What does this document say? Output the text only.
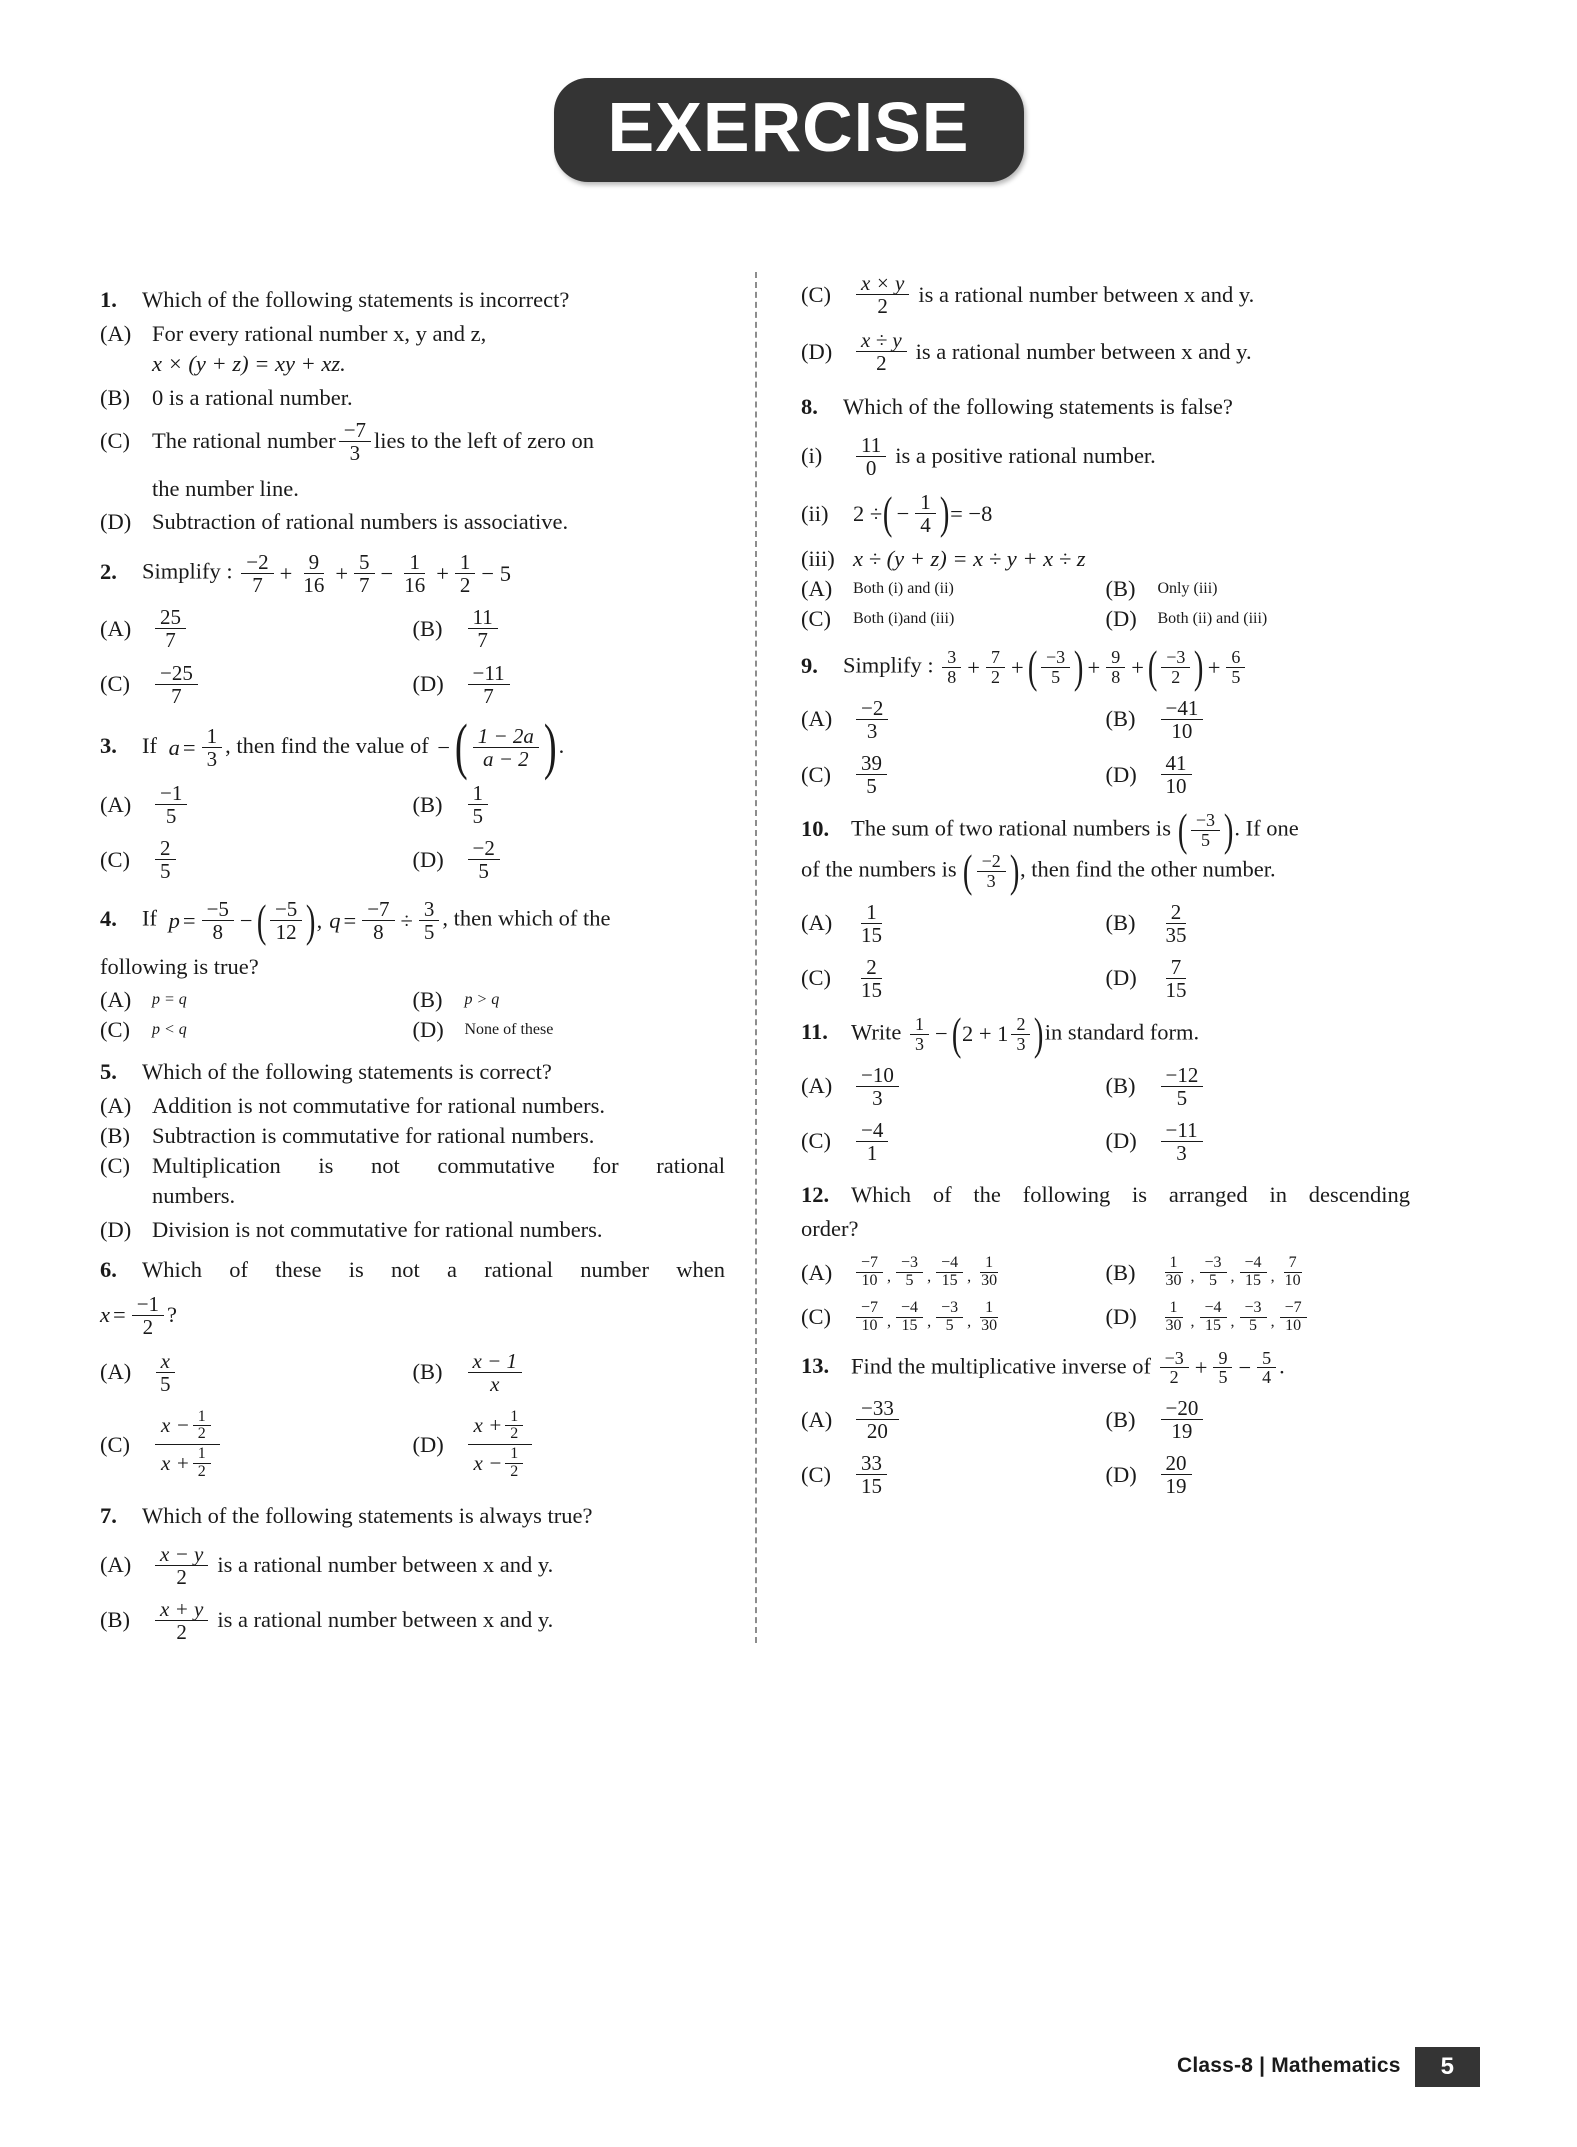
EXERCISE
1.	Which of the following statements is incorrect?
(A) For every rational number x, y and z,
x × (y + z) = xy + xz.
(B) 0 is a rational number.
(C) The rational number $\frac{-7}{3}$ lies to the left of zero on
the number line.
(D) Subtraction of rational numbers is associative.
2.	Simplify : $\frac{-2}{7} + \frac{9}{16} + \frac{5}{7} - \frac{1}{16} + \frac{1}{2} - 5$
(A)	$\frac{25}{7}$	(B)	$\frac{11}{7}$
(C)	$\frac{-25}{7}$	(D)	$\frac{-11}{7}$
3.	If $a = \frac{1}{3}$ , then find the value of − ( $\frac{1 - 2a}{a - 2}$ ) .
(A)	$\frac{-1}{5}$	(B)	$\frac{1}{5}$
(C)	$\frac{2}{5}$	(D)	$\frac{-2}{5}$
4.	If $p = \frac{-5}{8}$ − ( $\frac{-5}{12}$ ) , $q = \frac{-7}{8} \div \frac{3}{5}$ , then which of the
following is true?
(A)	p = q	(B)	p > q
(C)	p < q	(D)	None of these
5.	Which of the following statements is correct?
(A) Addition is not commutative for rational numbers.
(B) Subtraction is commutative for rational numbers.
(C) Multiplication is not commutative for rational
numbers.
(D) Division is not commutative for rational numbers.
6.	Which of these is not a rational number when
$x = \frac{-1}{2}$ ?
(A)	$\frac{x}{5}$	(B)	$\frac{x - 1}{x}$
(C)	$\frac{x - \frac{1}{2}}{x + \frac{1}{2}}$	(D)	$\frac{x + \frac{1}{2}}{x - \frac{1}{2}}$
7.	Which of the following statements is always true?
(A)	$\frac{x - y}{2}$ is a rational number between x and y.
(B)	$\frac{x + y}{2}$ is a rational number between x and y.
(C)	$\frac{x \times y}{2}$ is a rational number between x and y.
(D)	$\frac{x \div y}{2}$ is a rational number between x and y.
8.	Which of the following statements is false?
(i)	$\frac{11}{0}$ is a positive rational number.
(ii)	2 ÷ ( − $\frac{1}{4}$ ) = −8
(iii) x ÷ (y + z) = x ÷ y + x ÷ z
(A)	Both (i) and (ii)	(B)	Only (iii)
(C)	Both (i)and (iii)	(D)	Both (ii) and (iii)
9.	Simplify : $\frac{3}{8} + \frac{7}{2}$ + ( $\frac{-3}{5}$ ) + $\frac{9}{8}$ + ( $\frac{-3}{2}$ ) + $\frac{6}{5}$
(A)	$\frac{-2}{3}$	(B)	$\frac{-41}{10}$
(C)	$\frac{39}{5}$	(D)	$\frac{41}{10}$
10. The sum of two rational numbers is ( $\frac{-3}{5}$ ) . If one
of the numbers is ( $\frac{-2}{3}$ ) , then find the other number.
(A)	$\frac{1}{15}$	(B)	$\frac{2}{35}$
(C)	$\frac{2}{15}$	(D)	$\frac{7}{15}$
11.	Write $\frac{1}{3}$ − ( $2 + 1 \frac{2}{3}$ ) in standard form.
(A)	$\frac{-10}{3}$	(B)	$\frac{-12}{5}$
(C)	$\frac{-4}{1}$	(D)	$\frac{-11}{3}$
12. Which of the following is arranged in descending
order?
(A)	$\frac{-7}{10}$ , $\frac{-3}{5}$ , $\frac{-4}{15}$ , $\frac{1}{30}$	(B)	$\frac{1}{30}$ , $\frac{-3}{5}$ , $\frac{-4}{15}$ , $\frac{7}{10}$
(C)	$\frac{-7}{10}$ , $\frac{-4}{15}$ , $\frac{-3}{5}$ , $\frac{1}{30}$	(D)	$\frac{1}{30}$ , $\frac{-4}{15}$ , $\frac{-3}{5}$ , $\frac{-7}{10}$
13. Find the multiplicative inverse of $\frac{-3}{2} + \frac{9}{5} - \frac{5}{4}$ .
(A)	$\frac{-33}{20}$	(B)	$\frac{-20}{19}$
(C)	$\frac{33}{15}$	(D)	$\frac{20}{19}$
Class-8 | Mathematics	5
